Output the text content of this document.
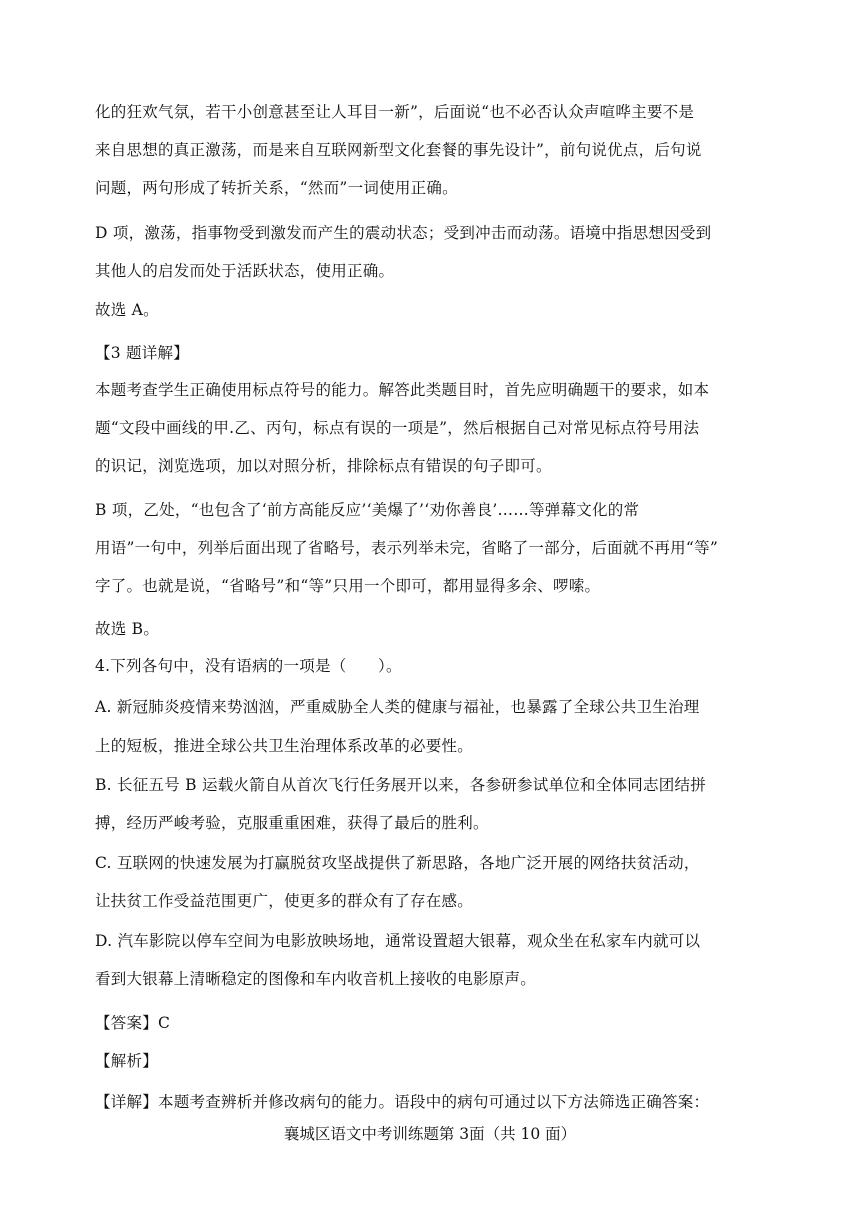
化的狂欢气氛，若干小创意甚至让人耳目一新”，后面说“也不必否认众声喧哗主要不是
来自思想的真正激荡，而是来自互联网新型文化套餐的事先设计”，前句说优点，后句说
问题，两句形成了转折关系，“然而”一词使用正确。
D 项，激荡，指事物受到激发而产生的震动状态；受到冲击而动荡。语境中指思想因受到
其他人的启发而处于活跃状态，使用正确。
故选 A。
【3 题详解】
本题考查学生正确使用标点符号的能力。解答此类题目时，首先应明确题干的要求，如本
题“文段中画线的甲.乙、丙句，标点有误的一项是”，然后根据自己对常见标点符号用法
的识记，浏览选项，加以对照分析，排除标点有错误的句子即可。
B 项，乙处，“也包含了‘前方高能反应’‘美爆了’‘劝你善良’……等弹幕文化的常
用语”一句中，列举后面出现了省略号，表示列举未完，省略了一部分，后面就不再用“等”
字了。也就是说，“省略号”和“等”只用一个即可，都用显得多余、啰嗦。
故选 B。
4.下列各句中，没有语病的一项是（　　）。
A. 新冠肺炎疫情来势汹汹，严重威胁全人类的健康与福祉，也暴露了全球公共卫生治理
上的短板，推进全球公共卫生治理体系改革的必要性。
B. 长征五号 B 运载火箭自从首次飞行任务展开以来，各参研参试单位和全体同志团结拼
搏，经历严峻考验，克服重重困难，获得了最后的胜利。
C. 互联网的快速发展为打赢脱贫攻坚战提供了新思路，各地广泛开展的网络扶贫活动，
让扶贫工作受益范围更广，使更多的群众有了存在感。
D. 汽车影院以停车空间为电影放映场地，通常设置超大银幕，观众坐在私家车内就可以
看到大银幕上清晰稳定的图像和车内收音机上接收的电影原声。
【答案】C
【解析】
【详解】本题考查辨析并修改病句的能力。语段中的病句可通过以下方法筛选正确答案：
襄城区语文中考训练题第 3面（共 10 面）
